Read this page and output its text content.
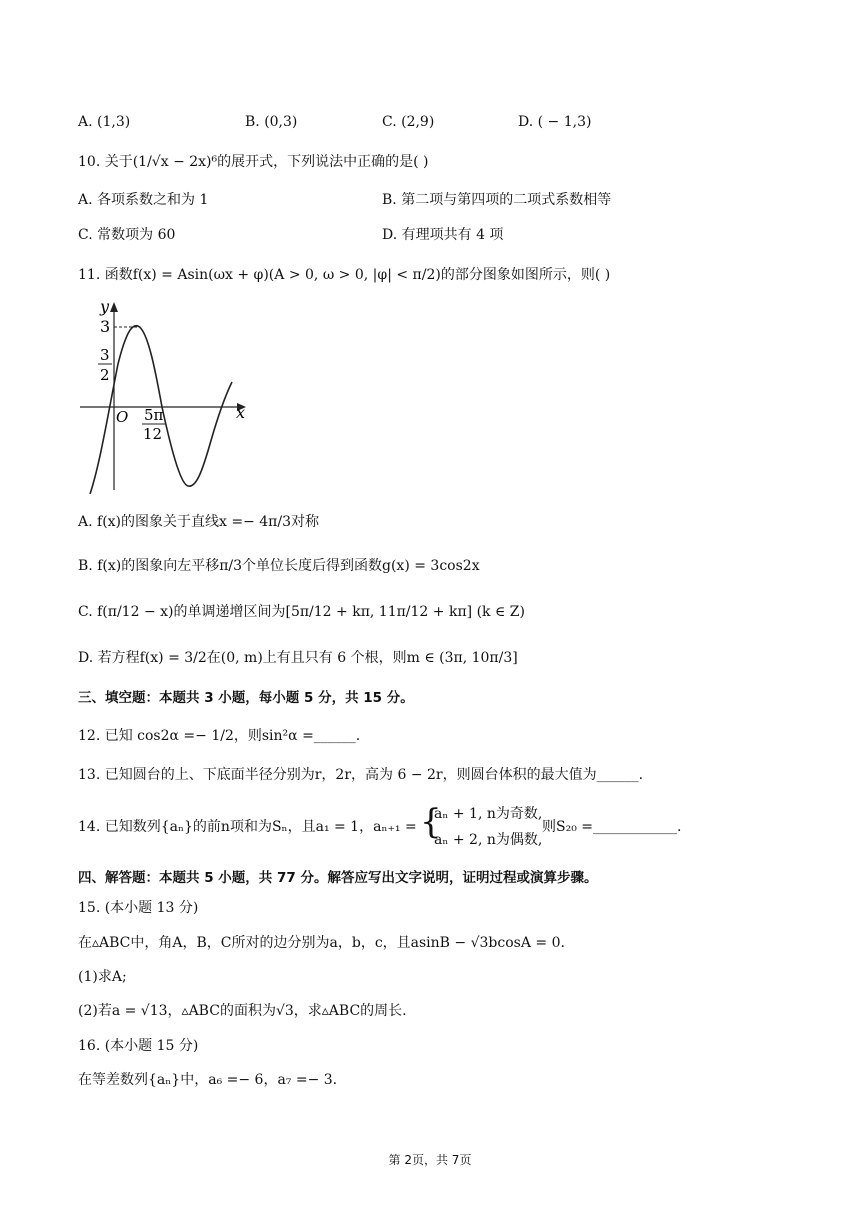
A. (1,3)	B. (0,3)	C. (2,9)	D. ( − 1,3)
10. 关于(1/√x − 2x)⁶的展开式，下列说法中正确的是( )
A. 各项系数之和为 1	B. 第二项与第四项的二项式系数相等
C. 常数项为 60	D. 有理项共有 4 项
11. 函数f(x) = Asin(ωx + φ)(A > 0, ω > 0, |φ| < π/2)的部分图象如图所示，则( )
y
x
O
3
3
2
5π
12
A. f(x)的图象关于直线x =− 4π/3对称
B. f(x)的图象向左平移π/3个单位长度后得到函数g(x) = 3cos2x
C. f(π/12 − x)的单调递增区间为[5π/12 + kπ, 11π/12 + kπ] (k ∈ Z)
D. 若方程f(x) = 3/2在(0, m)上有且只有 6 个根，则m ∈ (3π, 10π/3]
三、填空题：本题共 3 小题，每小题 5 分，共 15 分。
12. 已知 cos2α =− 1/2，则sin²α =______.
13. 已知圆台的上、下底面半径分别为r，2r，高为 6 − 2r，则圆台体积的最大值为______.
14. 已知数列{aₙ}的前n项和为Sₙ，且a₁ = 1，aₙ₊₁ = {
aₙ + 1, n为奇数,
aₙ + 2, n为偶数,
则S₂₀ =____________.
四、解答题：本题共 5 小题，共 77 分。解答应写出文字说明，证明过程或演算步骤。
15. (本小题 13 分)
在▵ABC中，角A，B，C所对的边分别为a，b，c，且asinB − √3bcosA = 0.
(1)求A;
(2)若a = √13，▵ABC的面积为√3，求▵ABC的周长.
16. (本小题 15 分)
在等差数列{aₙ}中，a₆ =− 6，a₇ =− 3.
第 2页，共 7页
